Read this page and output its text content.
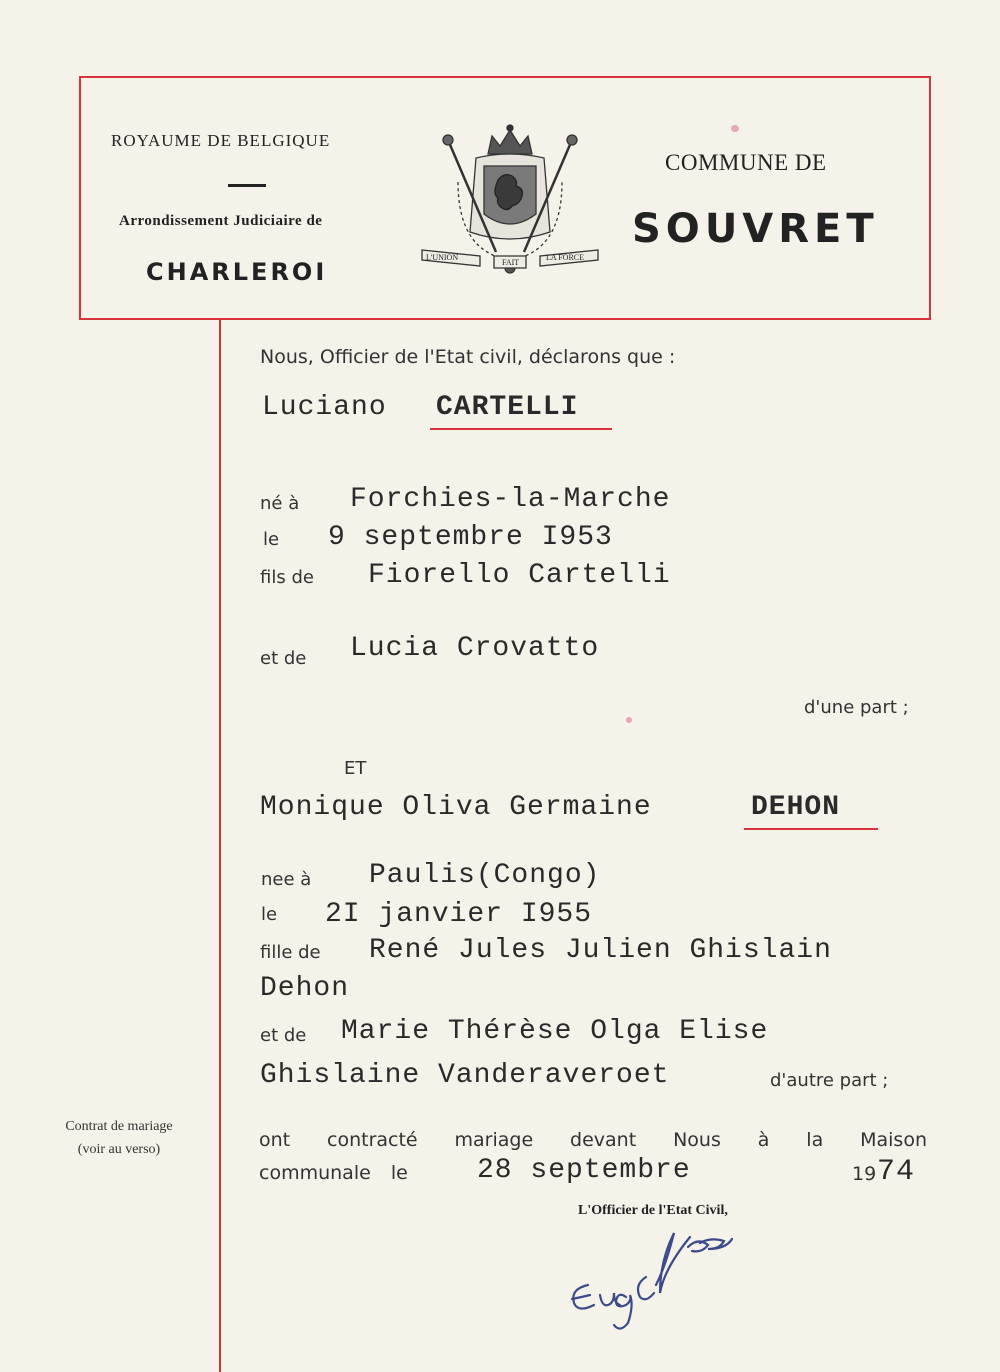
ROYAUME DE BELGIQUE
Arrondissement Judiciaire de
CHARLEROI
L'UNION
FAIT
LA FORCE
COMMUNE DE
SOUVRET
Nous, Officier de l'Etat civil, déclarons que :
Luciano CARTELLI
né à Forchies-la-Marche
le 9 septembre I953
fils de Fiorello Cartelli
et de Lucia Crovatto
d'une part ;
ET
Monique Oliva Germaine	DEHON
nee à Paulis(Congo)
le 2I janvier I955
fille de René Jules Julien Ghislain
Dehon
et de Marie Thérèse Olga Elise
Ghislaine Vanderaveroet	d'autre part ;
Contrat de mariage
(voir au verso)	ont contracté mariage devant Nous à la Maison
communale le 28 septembre	19 74
L'Officier de l'Etat Civil,
